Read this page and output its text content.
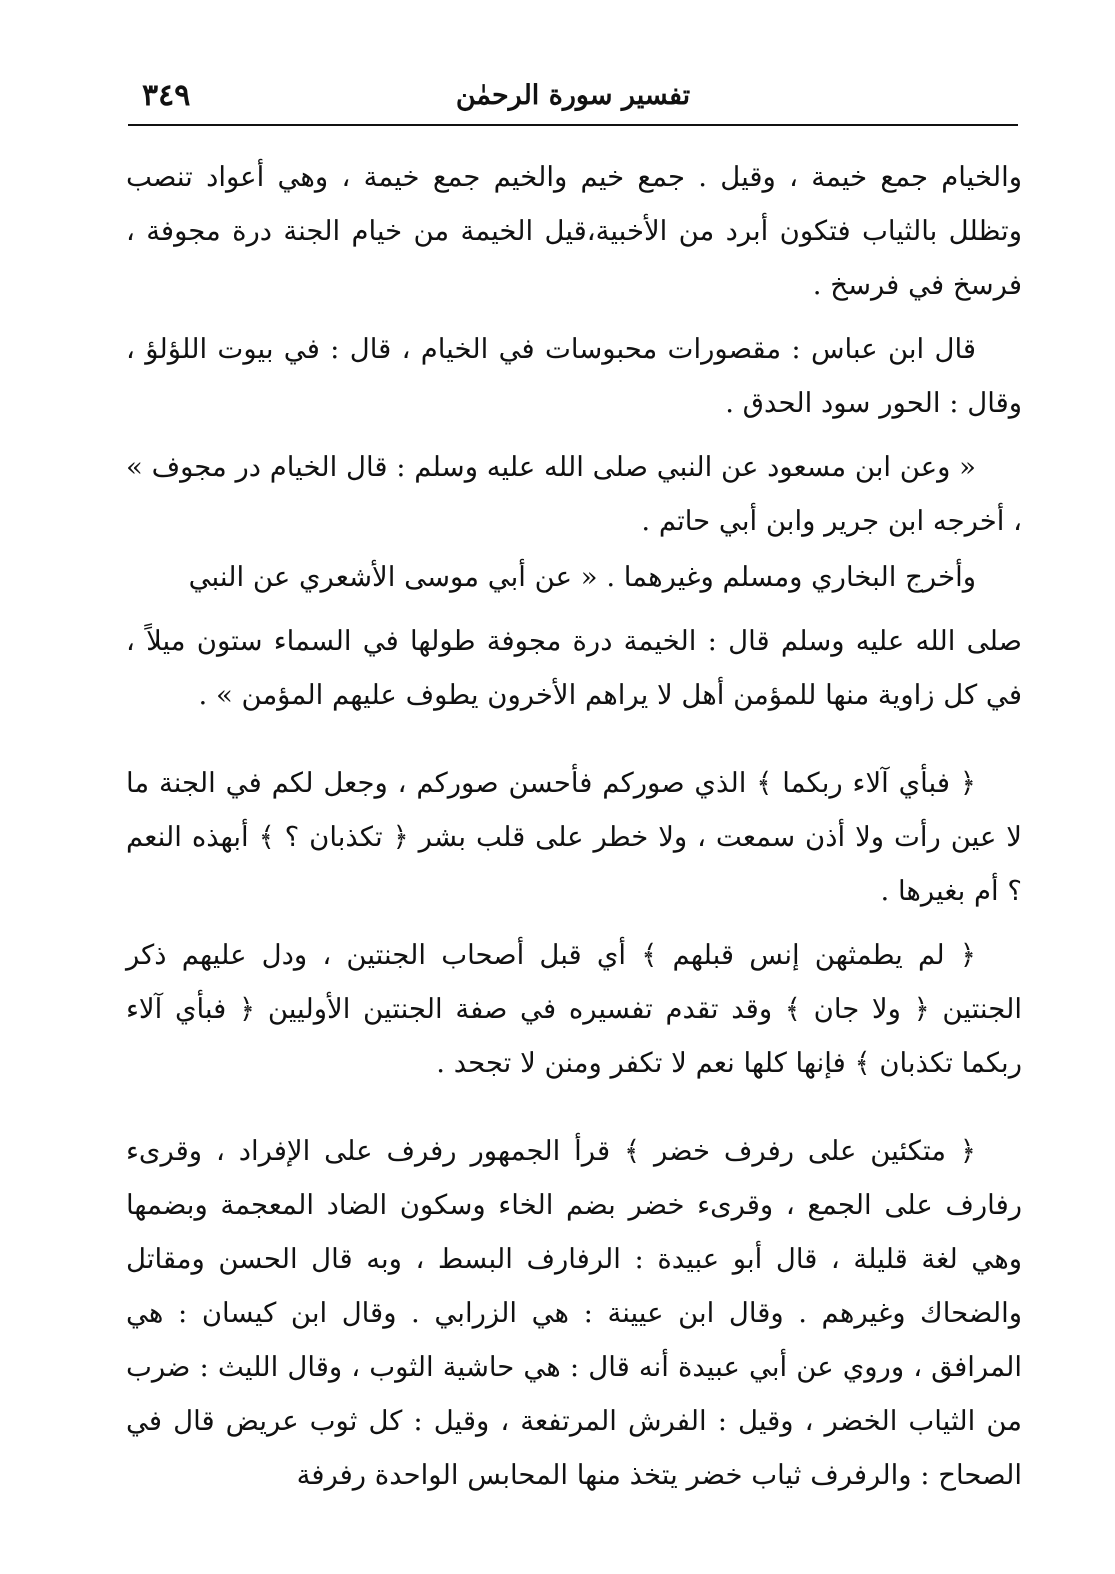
٣٤٩	تفسير سورة الرحمٰن

والخيام جمع خيمة ، وقيل . جمع خيم والخيم جمع خيمة ، وهي أعواد تنصب وتظلل بالثياب فتكون أبرد من الأخبية،قيل الخيمة من خيام الجنة درة مجوفة ، فرسخ في فرسخ .

قال ابن عباس : مقصورات محبوسات في الخيام ، قال : في بيوت اللؤلؤ ، وقال : الحور سود الحدق .

« وعن ابن مسعود عن النبي صلى الله عليه وسلم : قال الخيام در مجوف » ، أخرجه ابن جرير وابن أبي حاتم .

وأخرج البخاري ومسلم وغيرهما . « عن أبي موسى الأشعري عن النبي

صلى الله عليه وسلم قال : الخيمة درة مجوفة طولها في السماء ستون ميلاً ، في كل زاوية منها للمؤمن أهل لا يراهم الأخرون يطوف عليهم المؤمن » .

﴿ فبأي آلاء ربكما ﴾ الذي صوركم فأحسن صوركم ، وجعل لكم في الجنة ما لا عين رأت ولا أذن سمعت ، ولا خطر على قلب بشر ﴿ تكذبان ؟ ﴾ أبهذه النعم ؟ أم بغيرها .

﴿ لم يطمثهن إنس قبلهم ﴾ أي قبل أصحاب الجنتين ، ودل عليهم ذكر الجنتين ﴿ ولا جان ﴾ وقد تقدم تفسيره في صفة الجنتين الأوليين ﴿ فبأي آلاء ربكما تكذبان ﴾ فإنها كلها نعم لا تكفر ومنن لا تجحد .

﴿ متكئين على رفرف خضر ﴾ قرأ الجمهور رفرف على الإفراد ، وقرىء رفارف على الجمع ، وقرىء خضر بضم الخاء وسكون الضاد المعجمة وبضمها وهي لغة قليلة ، قال أبو عبيدة : الرفارف البسط ، وبه قال الحسن ومقاتل والضحاك وغيرهم . وقال ابن عيينة : هي الزرابي . وقال ابن كيسان : هي المرافق ، وروي عن أبي عبيدة أنه قال : هي حاشية الثوب ، وقال الليث : ضرب من الثياب الخضر ، وقيل : الفرش المرتفعة ، وقيل : كل ثوب عريض قال في الصحاح : والرفرف ثياب خضر يتخذ منها المحابس الواحدة رفرفة
